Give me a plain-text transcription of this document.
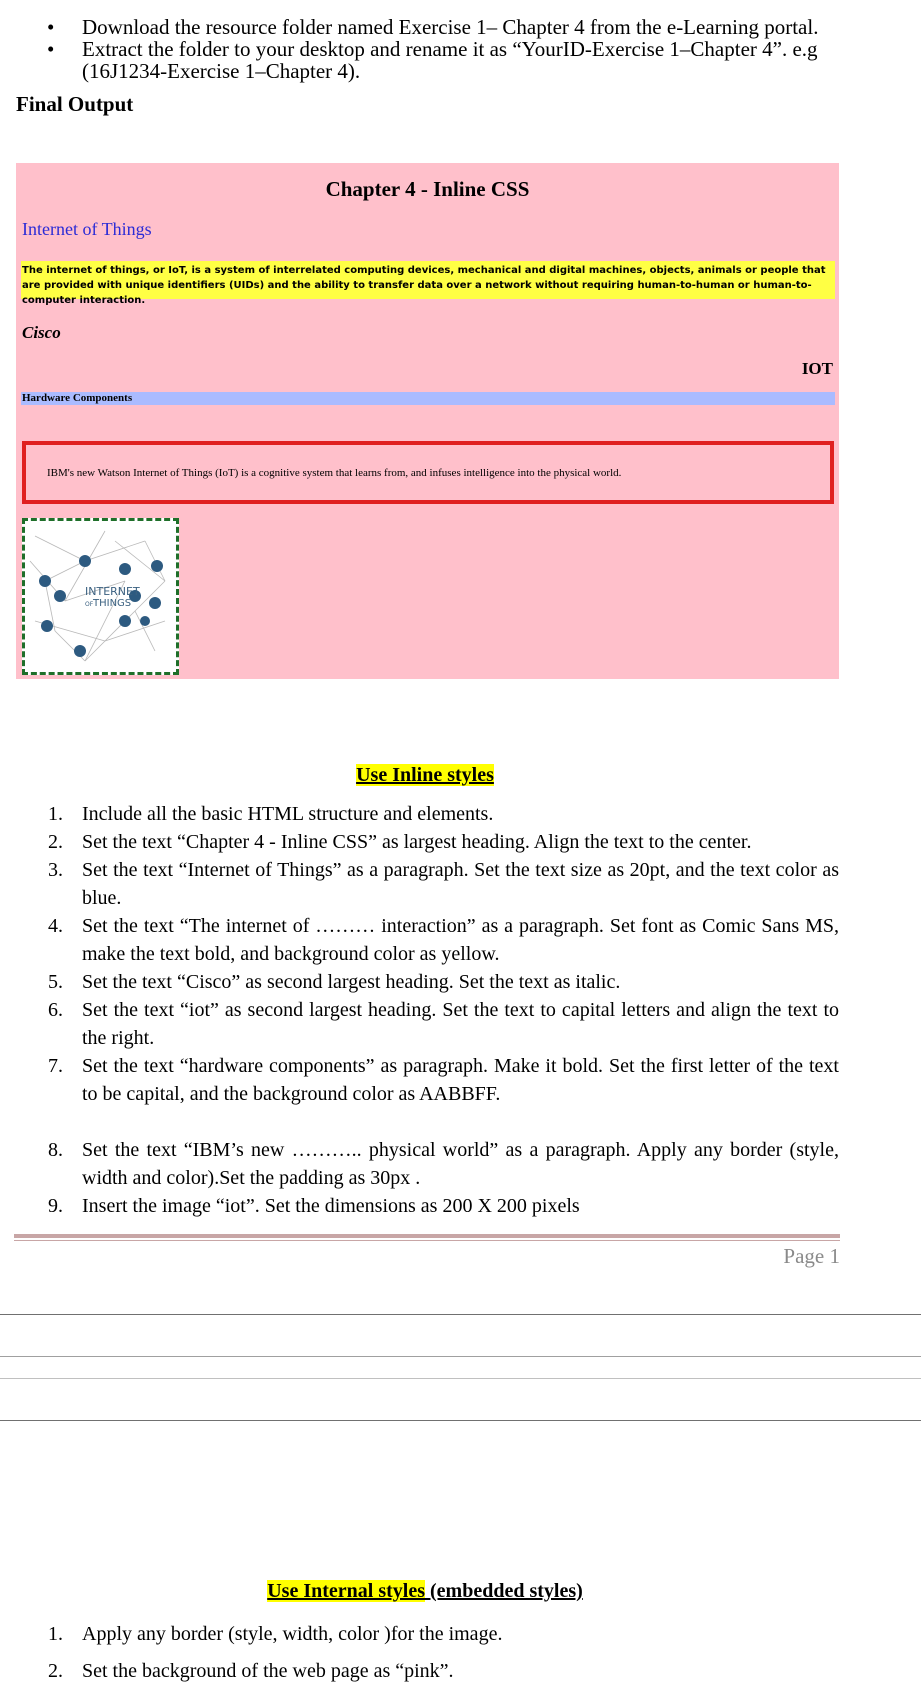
• Download the resource folder named Exercise 1– Chapter 4 from the e-Learning portal.
• Extract the folder to your desktop and rename it as “YourID-Exercise 1–Chapter 4”. e.g (16J1234-Exercise 1–Chapter 4).
Final Output
Chapter 4 - Inline CSS
Internet of Things
The internet of things, or IoT, is a system of interrelated computing devices, mechanical and digital machines, objects, animals or people that are provided with unique identifiers (UIDs) and the ability to transfer data over a network without requiring human-to-human or human-to-computer interaction.
Cisco
IOT
Hardware Components
IBM's new Watson Internet of Things (IoT) is a cognitive system that learns from, and infuses intelligence into the physical world.
INTERNET
OF THINGS
Use Inline styles
1. Include all the basic HTML structure and elements.
2. Set the text “Chapter 4 - Inline CSS” as largest heading. Align the text to the center.
3. Set the text “Internet of Things” as a paragraph. Set the text size as 20pt, and the text color as blue.
4. Set the text “The internet of ……… interaction” as a paragraph. Set font as Comic Sans MS, make the text bold, and background color as yellow.
5. Set the text “Cisco” as second largest heading. Set the text as italic.
6. Set the text “iot” as second largest heading. Set the text to capital letters and align the text to the right.
7. Set the text “hardware components” as paragraph. Make it bold. Set the first letter of the text to be capital, and the background color as AABBFF.
8. Set the text “IBM’s new ……….. physical world” as a paragraph. Apply any border (style, width and color).Set the padding as 30px .
9. Insert the image “iot”. Set the dimensions as 200 X 200 pixels
Page 1
Use Internal styles (embedded styles)
1. Apply any border (style, width, color )for the image.
2. Set the background of the web page as “pink”.
